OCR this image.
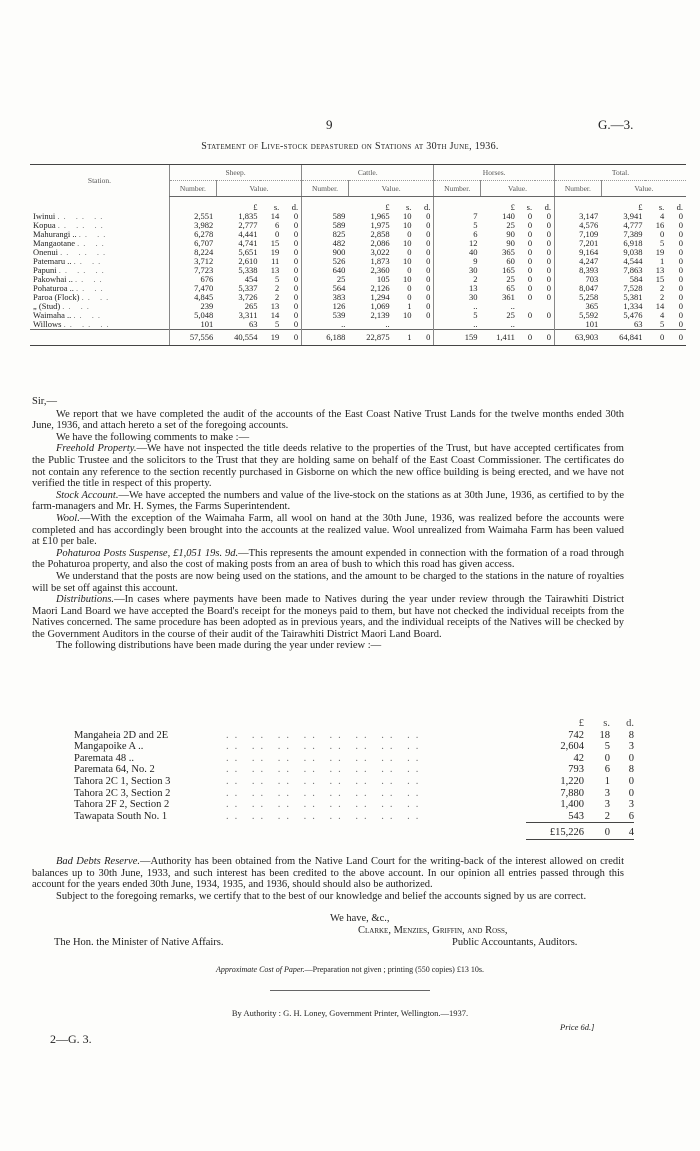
9	G.—3.
Statement of Live-stock depastured on Stations at 30th June, 1936.
Station.	Sheep.				Cattle.				Horses.				Total.			
	Number.	Value.			Number.	Value.			Number.	Value.			Number.	Value.		
		£	s.	d.		£	s.	d.		£	s.	d.		£	s.	d.
Iwinui .. .. ..	2,551	1,835	14	0	589	1,965	10	0	7	140	0	0	3,147	3,941	4	0
Kopua .. .. ..	3,982	2,777	6	0	589	1,975	10	0	5	25	0	0	4,576	4,777	16	0
Mahurangi .. .. ..	6,278	4,441	0	0	825	2,858	0	0	6	90	0	0	7,109	7,389	0	0
Mangaotane .. ..	6,707	4,741	15	0	482	2,086	10	0	12	90	0	0	7,201	6,918	5	0
Onenui .. .. ..	8,224	5,651	19	0	900	3,022	0	0	40	365	0	0	9,164	9,038	19	0
Patemaru .. .. ..	3,712	2,610	11	0	526	1,873	10	0	9	60	0	0	4,247	4,544	1	0
Papuni .. .. ..	7,723	5,338	13	0	640	2,360	0	0	30	165	0	0	8,393	7,863	13	0
Pakowhai .. .. ..	676	454	5	0	25	105	10	0	2	25	0	0	703	584	15	0
Pohaturoa .. .. ..	7,470	5,337	2	0	564	2,126	0	0	13	65	0	0	8,047	7,528	2	0
Paroa (Flock) .. ..	4,845	3,726	2	0	383	1,294	0	0	30	361	0	0	5,258	5,381	2	0
„ (Stud) .. ..	239	265	13	0	126	1,069	1	0	..	..			365	1,334	14	0
Waimaha .. .. ..	5,048	3,311	14	0	539	2,139	10	0	5	25	0	0	5,592	5,476	4	0
Willows .. .. ..	101	63	5	0	..	..			..	..			101	63	5	0
	57,556	40,554	19	0	6,188	22,875	1	0	159	1,411	0	0	63,903	64,841	0	0

Sir,—

We report that we have completed the audit of the accounts of the East Coast Native Trust Lands for the twelve months ended 30th June, 1936, and attach hereto a set of the foregoing accounts.

We have the following comments to make :—

Freehold Property.—We have not inspected the title deeds relative to the properties of the Trust, but have accepted certificates from the Public Trustee and the solicitors to the Trust that they are holding same on behalf of the East Coast Commissioner. The certificates do not contain any reference to the section recently purchased in Gisborne on which the new office building is being erected, and we have not verified the title in respect of this property.

Stock Account.—We have accepted the numbers and value of the live-stock on the stations as at 30th June, 1936, as certified to by the farm-managers and Mr. H. Symes, the Farms Superintendent.

Wool.—With the exception of the Waimaha Farm, all wool on hand at the 30th June, 1936, was realized before the accounts were completed and has accordingly been brought into the accounts at the realized value. Wool unrealized from Waimaha Farm has been valued at £10 per bale.

Pohaturoa Posts Suspense, £1,051 19s. 9d.—This represents the amount expended in connection with the formation of a road through the Pohaturoa property, and also the cost of making posts from an area of bush to which this road has given access.

We understand that the posts are now being used on the stations, and the amount to be charged to the stations in the nature of royalties will be set off against this account.

Distributions.—In cases where payments have been made to Natives during the year under review through the Tairawhiti District Maori Land Board we have accepted the Board's receipt for the moneys paid to them, but have not checked the individual receipts from the Natives concerned. The same procedure has been adopted as in previous years, and the individual receipts of the Natives will be checked by the Government Auditors in the course of their audit of the Tairawhiti District Maori Land Board.

The following distributions have been made during the year under review :—

		£	s.	d.
Mangaheia 2D and 2E	.. .. .. .. .. .. .. ..	742	18	8
Mangapoike A ..	.. .. .. .. .. .. .. ..	2,604	5	3
Paremata 48 ..	.. .. .. .. .. .. .. ..	42	0	0
Paremata 64, No. 2	.. .. .. .. .. .. .. ..	793	6	8
Tahora 2C 1, Section 3	.. .. .. .. .. .. .. ..	1,220	1	0
Tahora 2C 3, Section 2	.. .. .. .. .. .. .. ..	7,880	3	0
Tahora 2F 2, Section 2	.. .. .. .. .. .. .. ..	1,400	3	3
Tawapata South No. 1	.. .. .. .. .. .. .. ..	543	2	6
		£15,226	0	4

Bad Debts Reserve.—Authority has been obtained from the Native Land Court for the writing-back of the interest allowed on credit balances up to 30th June, 1933, and such interest has been credited to the above account. In our opinion all entries passed through this account for the years ended 30th June, 1934, 1935, and 1936, should should also be authorized.

Subject to the foregoing remarks, we certify that to the best of our knowledge and belief the accounts signed by us are correct.

We have, &c.,
Clarke, Menzies, Griffin, and Ross,
The Hon. the Minister of Native Affairs.	Public Accountants, Auditors.
Approximate Cost of Paper.—Preparation not given ; printing (550 copies) £13 10s.
By Authority : G. H. Loney, Government Printer, Wellington.—1937.
Price 6d.]
2—G. 3.
